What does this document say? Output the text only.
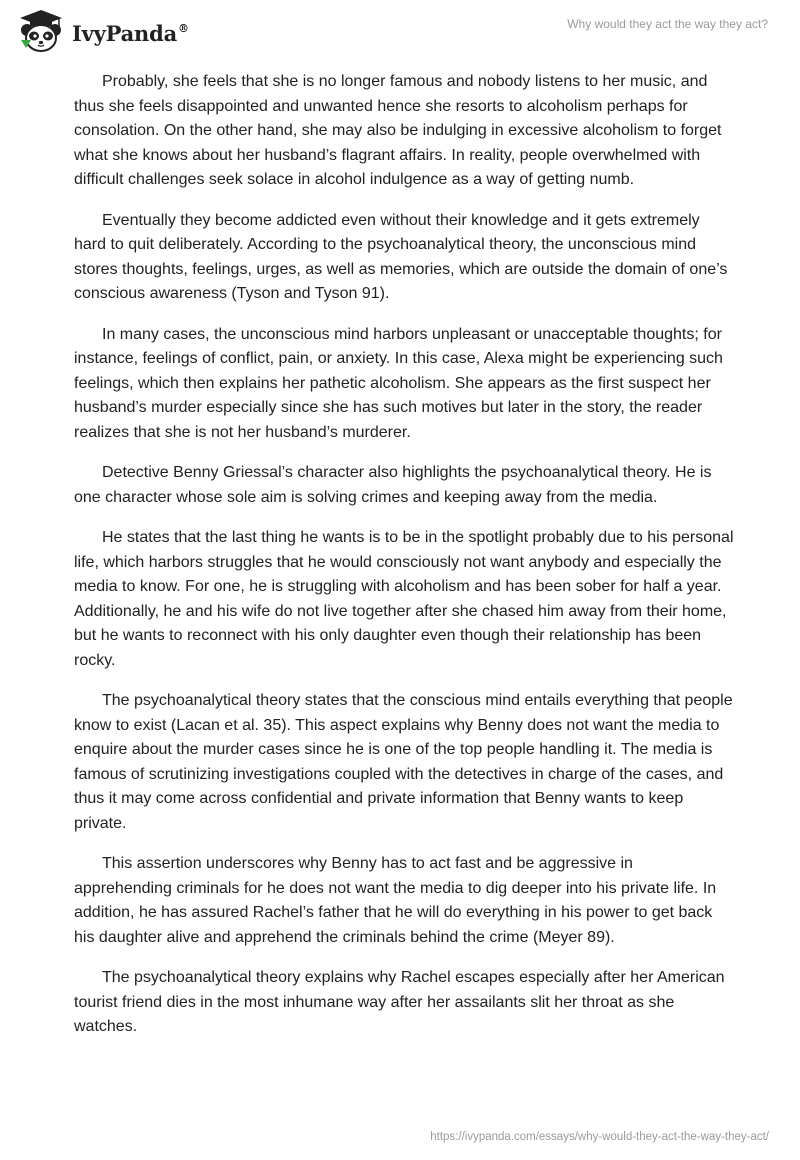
IvyPanda®	Why would they act the way they act?

Probably, she feels that she is no longer famous and nobody listens to her music, and thus she feels disappointed and unwanted hence she resorts to alcoholism perhaps for consolation. On the other hand, she may also be indulging in excessive alcoholism to forget what she knows about her husband’s flagrant affairs. In reality, people overwhelmed with difficult challenges seek solace in alcohol indulgence as a way of getting numb.

Eventually they become addicted even without their knowledge and it gets extremely hard to quit deliberately. According to the psychoanalytical theory, the unconscious mind stores thoughts, feelings, urges, as well as memories, which are outside the domain of one’s conscious awareness (Tyson and Tyson 91).

In many cases, the unconscious mind harbors unpleasant or unacceptable thoughts; for instance, feelings of conflict, pain, or anxiety. In this case, Alexa might be experiencing such feelings, which then explains her pathetic alcoholism. She appears as the first suspect her husband’s murder especially since she has such motives but later in the story, the reader realizes that she is not her husband’s murderer.

Detective Benny Griessal’s character also highlights the psychoanalytical theory. He is one character whose sole aim is solving crimes and keeping away from the media.

He states that the last thing he wants is to be in the spotlight probably due to his personal life, which harbors struggles that he would consciously not want anybody and especially the media to know. For one, he is struggling with alcoholism and has been sober for half a year. Additionally, he and his wife do not live together after she chased him away from their home, but he wants to reconnect with his only daughter even though their relationship has been rocky.

The psychoanalytical theory states that the conscious mind entails everything that people know to exist (Lacan et al. 35). This aspect explains why Benny does not want the media to enquire about the murder cases since he is one of the top people handling it. The media is famous of scrutinizing investigations coupled with the detectives in charge of the cases, and thus it may come across confidential and private information that Benny wants to keep private.

This assertion underscores why Benny has to act fast and be aggressive in apprehending criminals for he does not want the media to dig deeper into his private life. In addition, he has assured Rachel’s father that he will do everything in his power to get back his daughter alive and apprehend the criminals behind the crime (Meyer 89).

The psychoanalytical theory explains why Rachel escapes especially after her American tourist friend dies in the most inhumane way after her assailants slit her throat as she watches.

https://ivypanda.com/essays/why-would-they-act-the-way-they-act/
